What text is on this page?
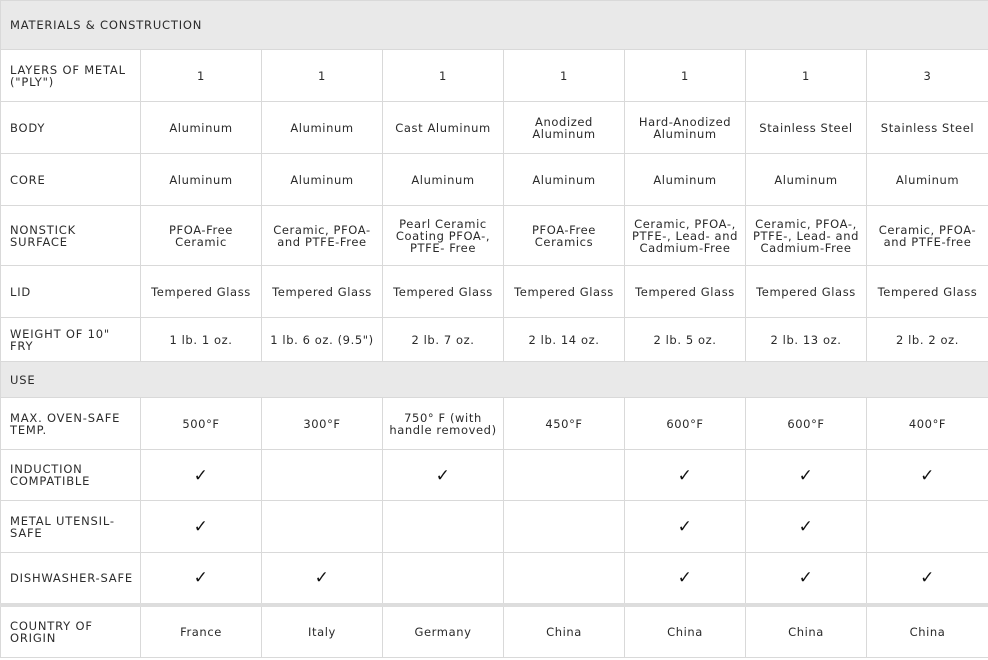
MATERIALS & CONSTRUCTION							
LAYERS OF METAL ("PLY")	1	1	1	1	1	1	3
BODY	Aluminum	Aluminum	Cast Aluminum	Anodized Aluminum	Hard-Anodized Aluminum	Stainless Steel	Stainless Steel
CORE	Aluminum	Aluminum	Aluminum	Aluminum	Aluminum	Aluminum	Aluminum
NONSTICK SURFACE	PFOA-Free Ceramic	Ceramic, PFOA- and PTFE-Free	Pearl Ceramic Coating PFOA-, PTFE- Free	PFOA-Free Ceramics	Ceramic, PFOA-, PTFE-, Lead- and Cadmium-Free	Ceramic, PFOA-, PTFE-, Lead- and Cadmium-Free	Ceramic, PFOA- and PTFE-free
LID	Tempered Glass	Tempered Glass	Tempered Glass	Tempered Glass	Tempered Glass	Tempered Glass	Tempered Glass
WEIGHT OF 10" FRY	1 lb. 1 oz.	1 lb. 6 oz. (9.5")	2 lb. 7 oz.	2 lb. 14 oz.	2 lb. 5 oz.	2 lb. 13 oz.	2 lb. 2 oz.
USE							
MAX. OVEN-SAFE TEMP.	500°F	300°F	750° F (with handle removed)	450°F	600°F	600°F	400°F
INDUCTION COMPATIBLE	✓		✓		✓	✓	✓
METAL UTENSIL-SAFE	✓				✓	✓	
DISHWASHER-SAFE	✓	✓			✓	✓	✓
COUNTRY OF ORIGIN	France	Italy	Germany	China	China	China	China
